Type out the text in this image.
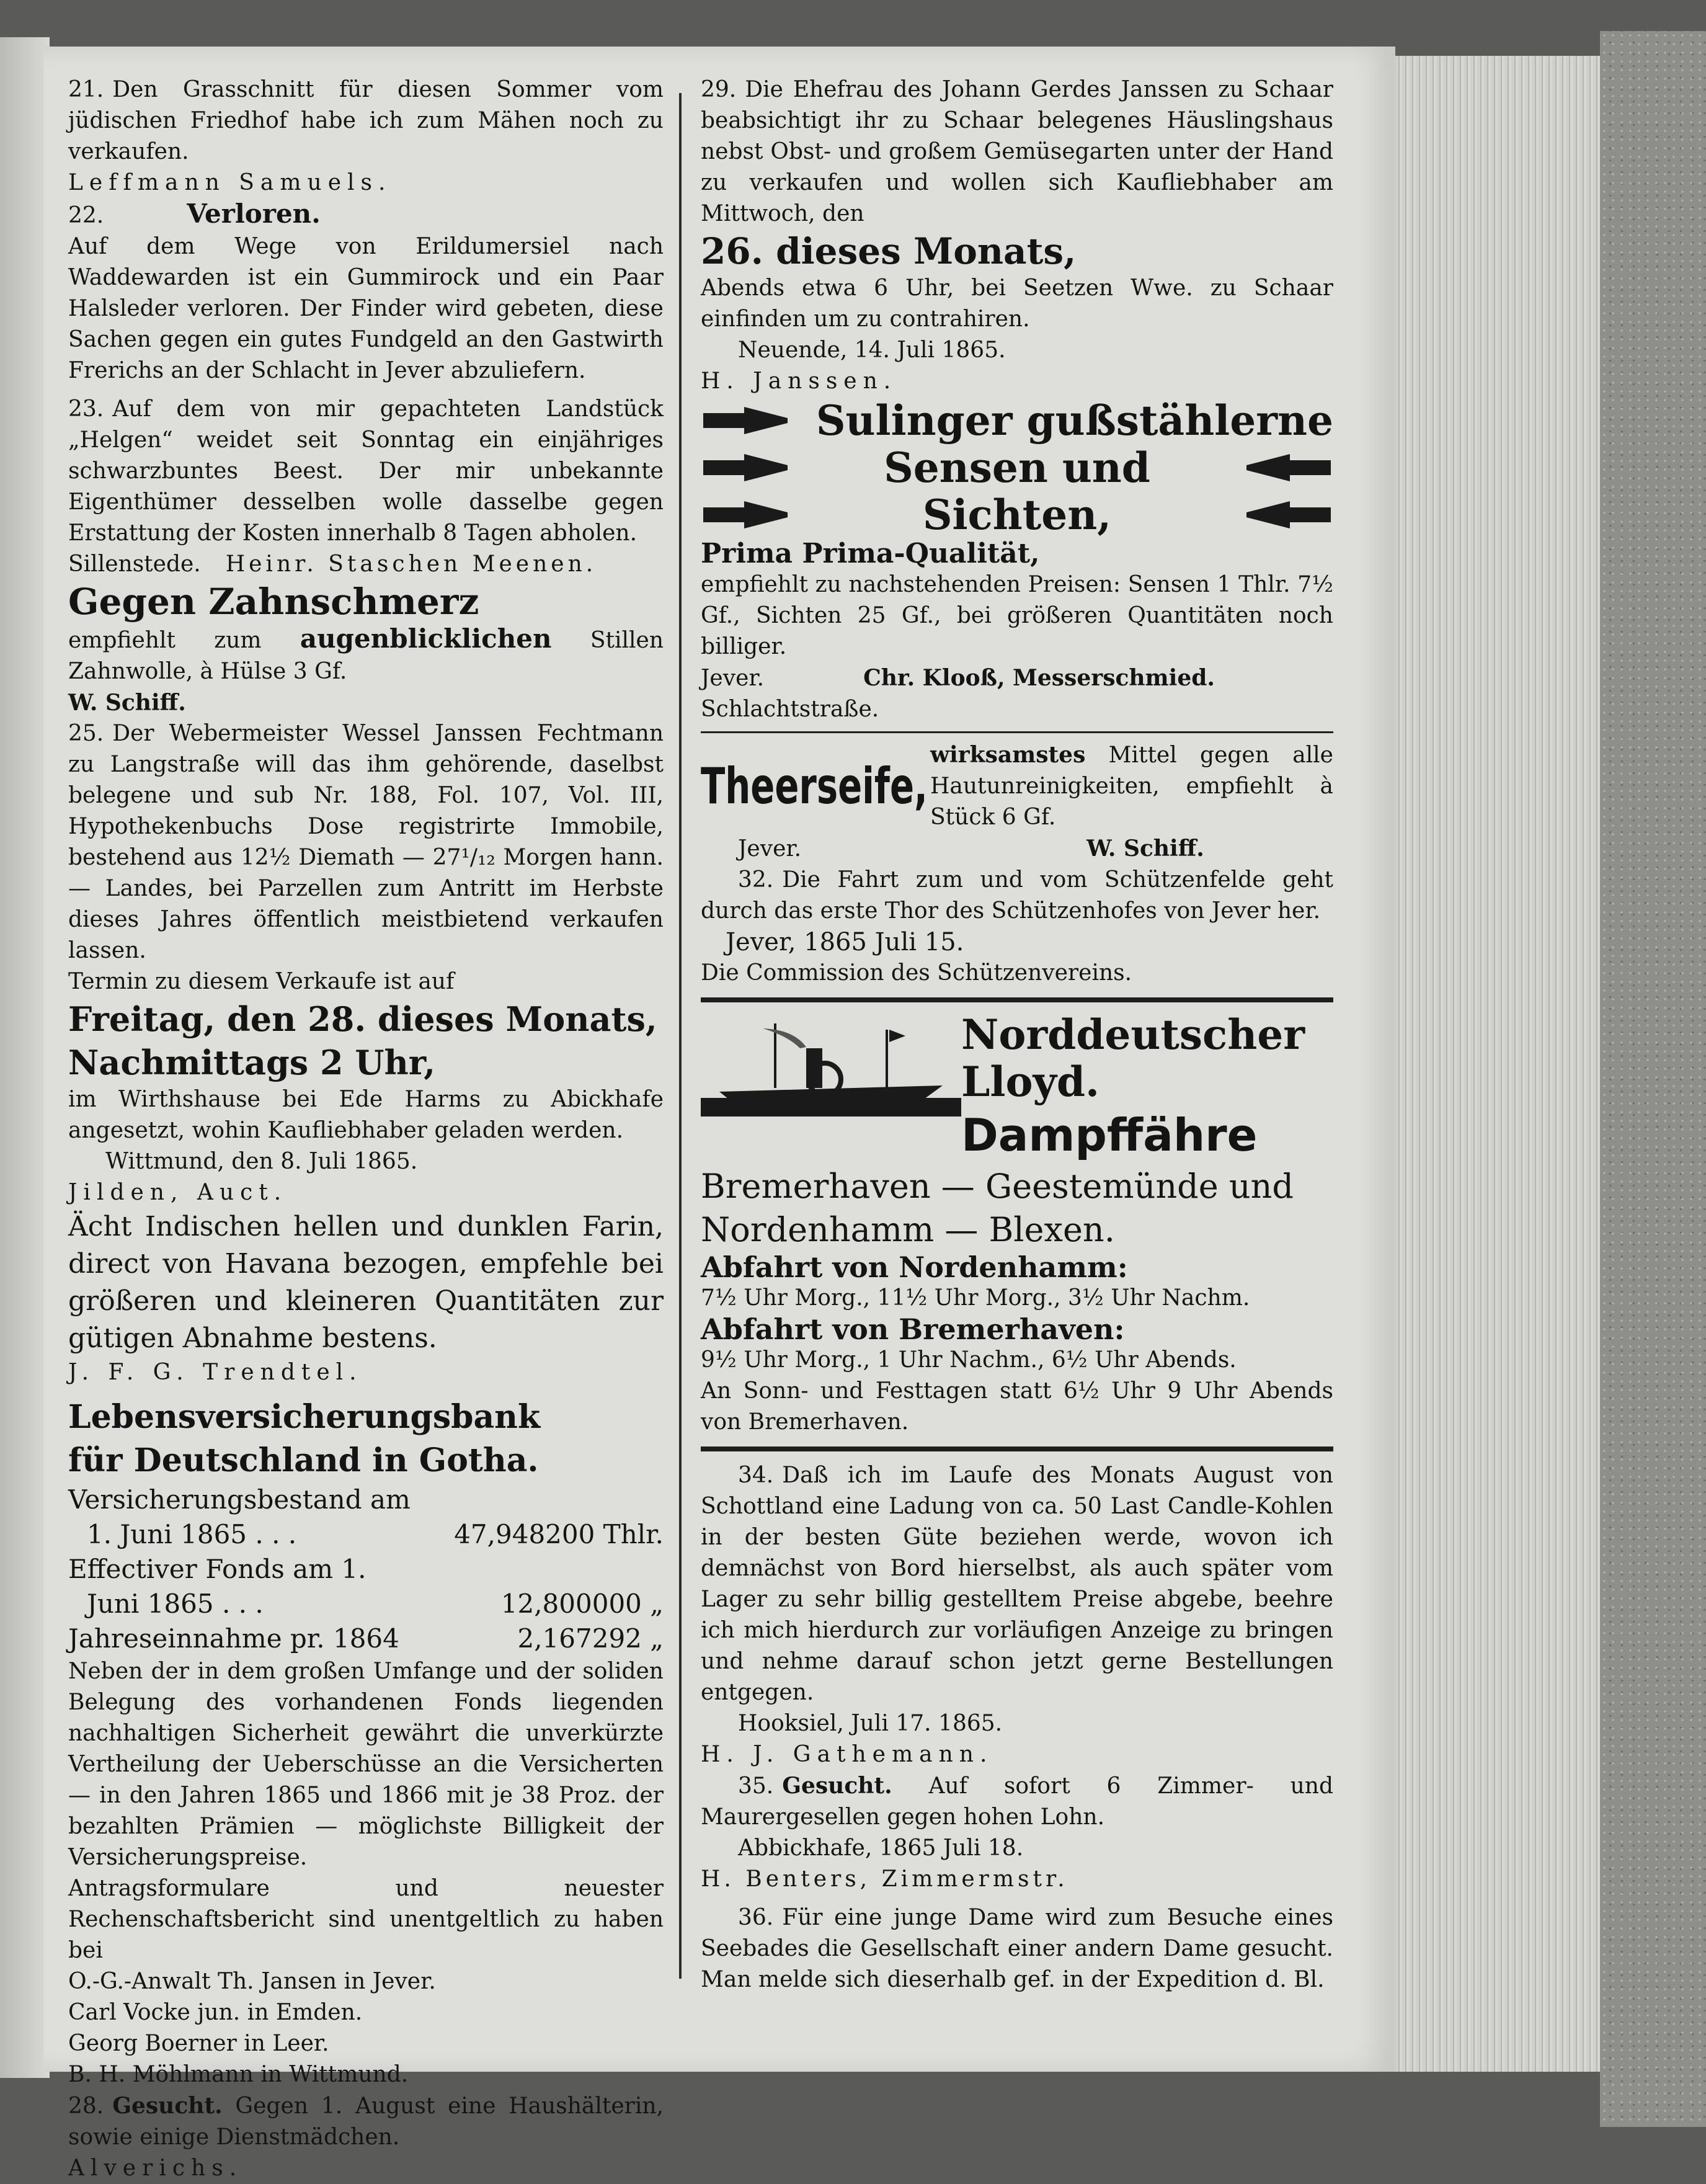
21. Den Grasschnitt für diesen Sommer vom jüdischen Friedhof habe ich zum Mähen noch zu verkaufen.

Leffmann Samuels.

22.	Verloren.

Auf dem Wege von Erildumersiel nach Waddewarden ist ein Gummirock und ein Paar Halsleder verloren. Der Finder wird gebeten, diese Sachen gegen ein gutes Fundgeld an den Gastwirth Frerichs an der Schlacht in Jever abzuliefern.

23. Auf dem von mir gepachteten Landstück „Helgen“ weidet seit Sonntag ein einjähriges schwarzbuntes Beest. Der mir unbekannte Eigenthümer desselben wolle dasselbe gegen Erstattung der Kosten innerhalb 8 Tagen abholen.

Sillenstede. Heinr. Staschen Meenen.

Gegen Zahnschmerz

empfiehlt zum augenblicklichen Stillen Zahnwolle, à Hülse 3 Gf.

W. Schiff.

25. Der Webermeister Wessel Janssen Fechtmann zu Langstraße will das ihm gehörende, daselbst belegene und sub Nr. 188, Fol. 107, Vol. III, Hypothekenbuchs Dose registrirte Immobile, bestehend aus 12½ Diemath — 27¹/₁₂ Morgen hann. — Landes, bei Parzellen zum Antritt im Herbste dieses Jahres öffentlich meistbietend verkaufen lassen.

Termin zu diesem Verkaufe ist auf

Freitag, den 28. dieses Monats,

Nachmittags 2 Uhr,

im Wirthshause bei Ede Harms zu Abickhafe angesetzt, wohin Kaufliebhaber geladen werden.

Wittmund, den 8. Juli 1865.

Jilden, Auct.

Ächt Indischen hellen und dunklen Farin, direct von Havana bezogen, empfehle bei größeren und kleineren Quantitäten zur gütigen Abnahme bestens.

J. F. G. Trendtel.

Lebensversicherungsbank

für Deutschland in Gotha.

Versicherungsbestand am
1. Juni 1865 . . .	47,948200 Thlr.
Effectiver Fonds am 1.
Juni 1865 . . .	12,800000 „
Jahreseinnahme pr. 1864	2,167292 „

Neben der in dem großen Umfange und der soliden Belegung des vorhandenen Fonds liegenden nachhaltigen Sicherheit gewährt die unverkürzte Vertheilung der Ueberschüsse an die Versicherten — in den Jahren 1865 und 1866 mit je 38 Proz. der bezahlten Prämien — möglichste Billigkeit der Versicherungspreise.

Antragsformulare und neuester Rechenschaftsbericht sind unentgeltlich zu haben bei

O.-G.-Anwalt Th. Jansen in Jever.

Carl Vocke jun. in Emden.

Georg Boerner in Leer.

B. H. Möhlmann in Wittmund.

28. Gesucht. Gegen 1. August eine Haushälterin, sowie einige Dienstmädchen.

Alverichs.

29. Die Ehefrau des Johann Gerdes Janssen zu Schaar beabsichtigt ihr zu Schaar belegenes Häuslingshaus nebst Obst- und großem Gemüsegarten unter der Hand zu verkaufen und wollen sich Kaufliebhaber am Mittwoch, den

26. dieses Monats,

Abends etwa 6 Uhr, bei Seetzen Wwe. zu Schaar einfinden um zu contrahiren.

Neuende, 14. Juli 1865.

H. Janssen.

Sulinger gußstählerne

Sensen und

Sichten,

Prima Prima-Qualität,

empfiehlt zu nachstehenden Preisen: Sensen 1 Thlr. 7½ Gf., Sichten 25 Gf., bei größeren Quantitäten noch billiger.

Jever.	Chr. Klooß, Messerschmied.

Schlachtstraße.

Theerseife,

wirksamstes Mittel gegen alle Hautunreinigkeiten, empfiehlt à Stück 6 Gf.

Jever.	W. Schiff.

32. Die Fahrt zum und vom Schützenfelde geht durch das erste Thor des Schützenhofes von Jever her.

Jever, 1865 Juli 15.

Die Commission des Schützenvereins.

Norddeutscher

Lloyd.

Dampffähre

Bremerhaven — Geestemünde und

Nordenhamm — Blexen.

Abfahrt von Nordenhamm:

7½ Uhr Morg., 11½ Uhr Morg., 3½ Uhr Nachm.

Abfahrt von Bremerhaven:

9½ Uhr Morg., 1 Uhr Nachm., 6½ Uhr Abends.

An Sonn- und Festtagen statt 6½ Uhr 9 Uhr Abends von Bremerhaven.

34. Daß ich im Laufe des Monats August von Schottland eine Ladung von ca. 50 Last Candle-Kohlen in der besten Güte beziehen werde, wovon ich demnächst von Bord hierselbst, als auch später vom Lager zu sehr billig gestelltem Preise abgebe, beehre ich mich hierdurch zur vorläufigen Anzeige zu bringen und nehme darauf schon jetzt gerne Bestellungen entgegen.

Hooksiel, Juli 17. 1865.

H. J. Gathemann.

35. Gesucht. Auf sofort 6 Zimmer- und Maurergesellen gegen hohen Lohn.

Abbickhafe, 1865 Juli 18.

H. Benters, Zimmermstr.

36. Für eine junge Dame wird zum Besuche eines Seebades die Gesellschaft einer andern Dame gesucht. Man melde sich dieserhalb gef. in der Expedition d. Bl.
